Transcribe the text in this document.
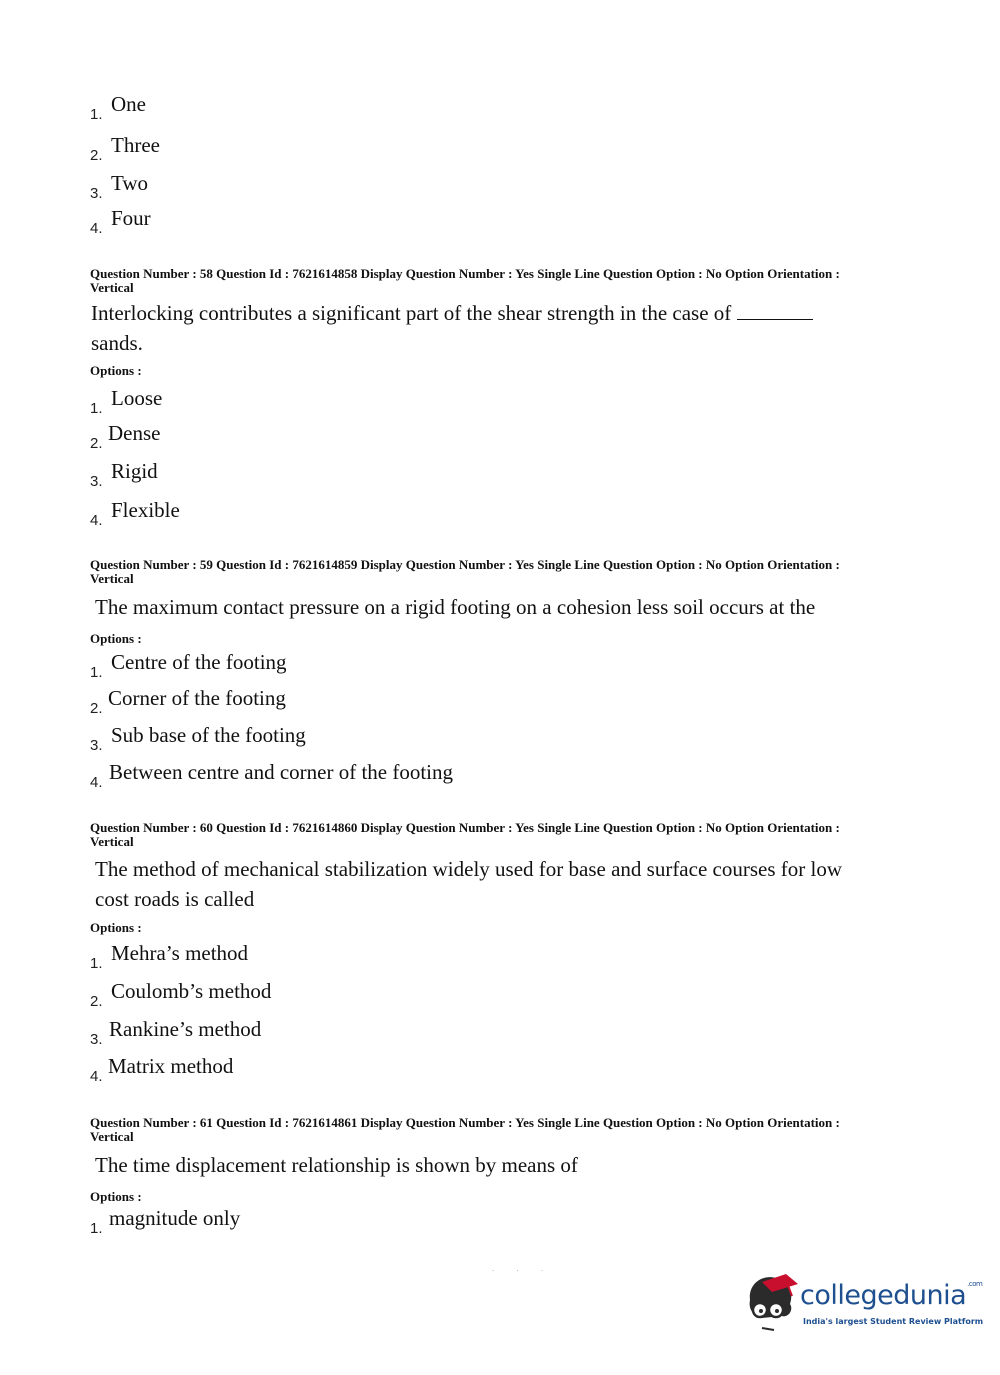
1. One
2. Three
3. Two
4. Four
Question Number : 58 Question Id : 7621614858 Display Question Number : Yes Single Line Question Option : No Option Orientation : Vertical
Interlocking contributes a significant part of the shear strength in the case of
sands.
Options :
1. Loose
2. Dense
3. Rigid
4. Flexible
Question Number : 59 Question Id : 7621614859 Display Question Number : Yes Single Line Question Option : No Option Orientation : Vertical
The maximum contact pressure on a rigid footing on a cohesion less soil occurs at the
Options :
1. Centre of the footing
2. Corner of the footing
3. Sub base of the footing
4. Between centre and corner of the footing
Question Number : 60 Question Id : 7621614860 Display Question Number : Yes Single Line Question Option : No Option Orientation : Vertical
The method of mechanical stabilization widely used for base and surface courses for low cost roads is called
Options :
1. Mehra’s method
2. Coulomb’s method
3. Rankine’s method
4. Matrix method
Question Number : 61 Question Id : 7621614861 Display Question Number : Yes Single Line Question Option : No Option Orientation : Vertical
The time displacement relationship is shown by means of
Options :
1. magnitude only
. . .
collegedunia$^{.com}$
India's largest Student Review Platform
